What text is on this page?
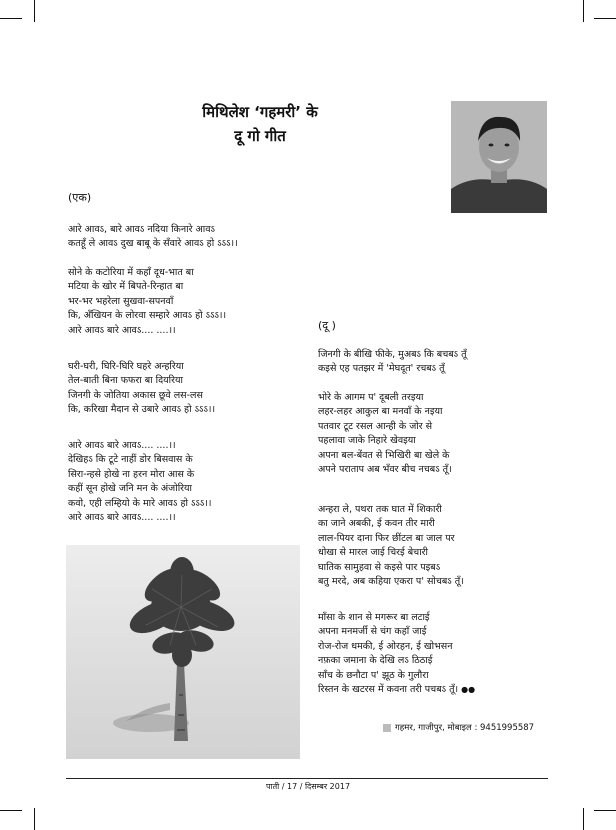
मिथिलेश ‘गहमरी’ के
दू गो गीत
(एक)
आरे आवऽ, बारे आवऽ नदिया किनारे आवऽ
कतहूँ ले आवऽ दुख बाबू के सँवारे आवऽ हो ऽऽऽ।।
सोने के कटोरिया में कहाँ दूध-भात बा
मटिया के खोर में बिपते-रिन्हात बा
भर-भर भहरेला सुखवा-सपनवाँ
कि, अँखियन के लोरवा सम्हारे आवऽ हो ऽऽऽ।।
आरे आवऽ बारे आवऽ.... ....।।
घरी-घरी, घिरि-घिरि घहरे अन्हरिया
तेल-बाती बिना फफरा बा दियरिया
जिनगी के जोतिया अकास छूवे लस-लस
कि, करिखा मैदान से उबारे आवऽ हो ऽऽऽ।।
आरे आवऽ बारे आवऽ.... ....।।
देखिहऽ कि टूटे नाहीं डोर बिसवास के
सिरा-न्हसे होखे ना हरन मोरा आस के
कहीं सून होखे जनि मन के अंजोरिया
कवो, एही लम्हियो के मारे आवऽ हो ऽऽऽ।।
आरे आवऽ बारे आवऽ.... ....।।
(दू )
जिनगी के बीखि फीके, मुअबऽ कि बचबऽ तूँ
कइसे एह पतझर में 'मेघदूत' रचबऽ तूँ
भोरे के आगम प' दूबली तरइया
लहर-लहर आकुल बा मनवाँ के नइया
पतवार टूट रसल आन्ही के जोर से
पहलावा जाके निहारे खेवइया
अपना बल-बेंवत से भिखिरी बा खेले के
अपने पराताप अब भँवर बीच नचबऽ तूँ।
अन्हरा ले, पथरा तक घात में शिकारी
का जाने अबकी, ई कवन तीर मारी
लाल-पियर दाना फिर छींटल बा जाल पर
धोखा से मारल जाई चिरई बेचारी
घातिक सामुहवा से कइसे पार पइबऽ
बतु मरदे, अब कहिया एकरा प' सोचबऽ तूँ।
माँसा के शान से मगरूर बा लटाई
अपना मनमर्जी से चंग कहाँ जाई
रोज-रोज धमकी, ई ओरहन, ई खोभसन
नफ़का जमाना के देखि लऽ ठिठाई
साँच के छनौटा प' झूठ के गुलौरा
रिस्तन के खटरस में कवना तरी पचबऽ तूँ। ●●
गहमर, गाजीपुर, मोबाइल : 9451995587
पाती / 17 / दिसम्बर 2017
